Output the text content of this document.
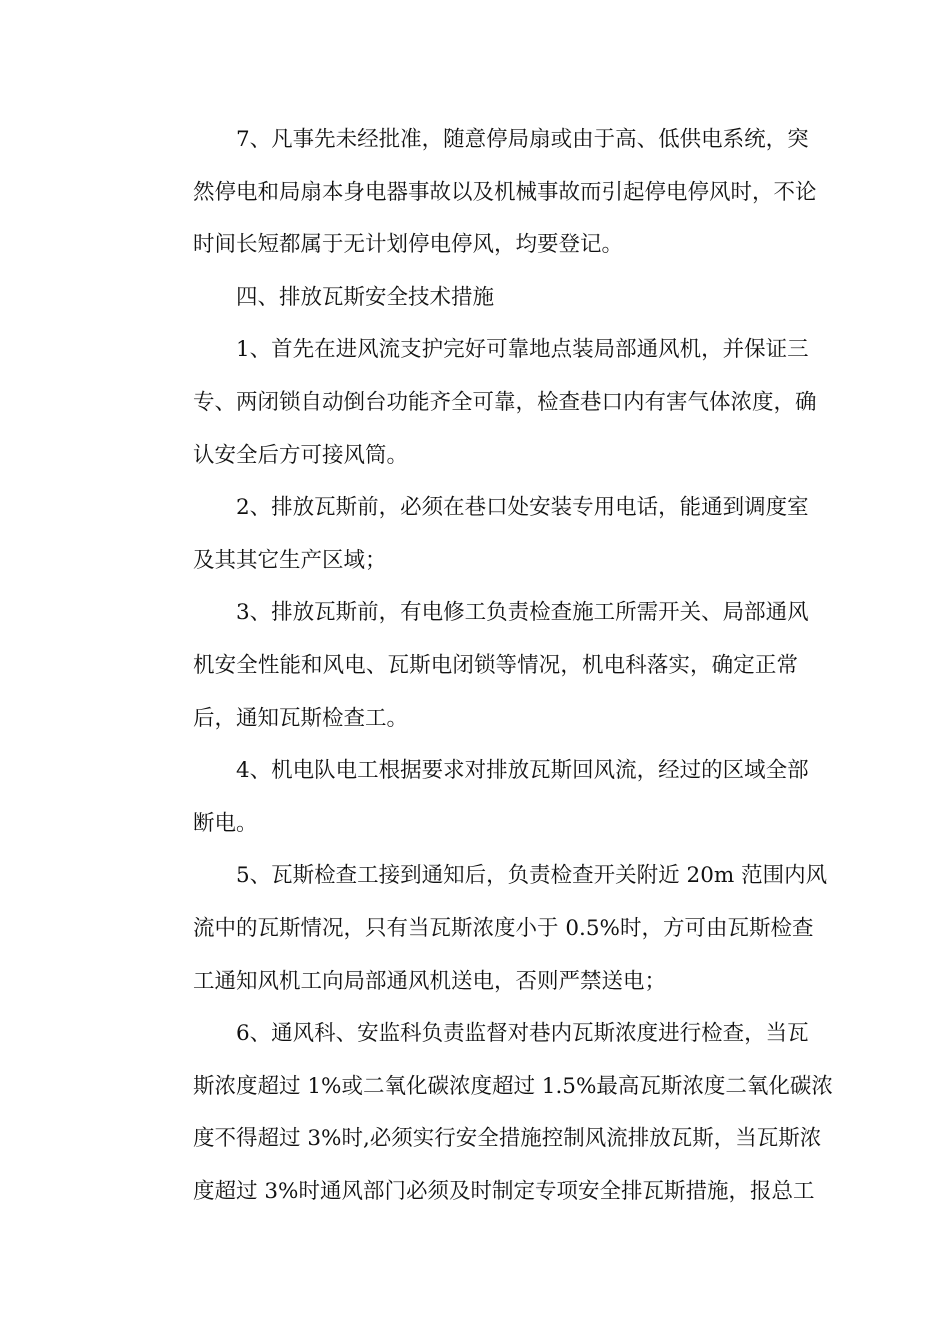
7、凡事先未经批准，随意停局扇或由于高、低供电系统，突
然停电和局扇本身电器事故以及机械事故而引起停电停风时，不论
时间长短都属于无计划停电停风，均要登记。
四、排放瓦斯安全技术措施
1、首先在进风流支护完好可靠地点装局部通风机，并保证三
专、两闭锁自动倒台功能齐全可靠，检查巷口内有害气体浓度，确
认安全后方可接风筒。
2、排放瓦斯前，必须在巷口处安装专用电话，能通到调度室
及其其它生产区域；
3、排放瓦斯前，有电修工负责检查施工所需开关、局部通风
机安全性能和风电、瓦斯电闭锁等情况，机电科落实，确定正常
后，通知瓦斯检查工。
4、机电队电工根据要求对排放瓦斯回风流，经过的区域全部
断电。
5、瓦斯检查工接到通知后，负责检查开关附近 20m 范围内风
流中的瓦斯情况，只有当瓦斯浓度小于 0.5%时，方可由瓦斯检查
工通知风机工向局部通风机送电，否则严禁送电；
6、通风科、安监科负责监督对巷内瓦斯浓度进行检查，当瓦
斯浓度超过 1%或二氧化碳浓度超过 1.5%最高瓦斯浓度二氧化碳浓
度不得超过 3%时,必须实行安全措施控制风流排放瓦斯，当瓦斯浓
度超过 3%时通风部门必须及时制定专项安全排瓦斯措施，报总工
